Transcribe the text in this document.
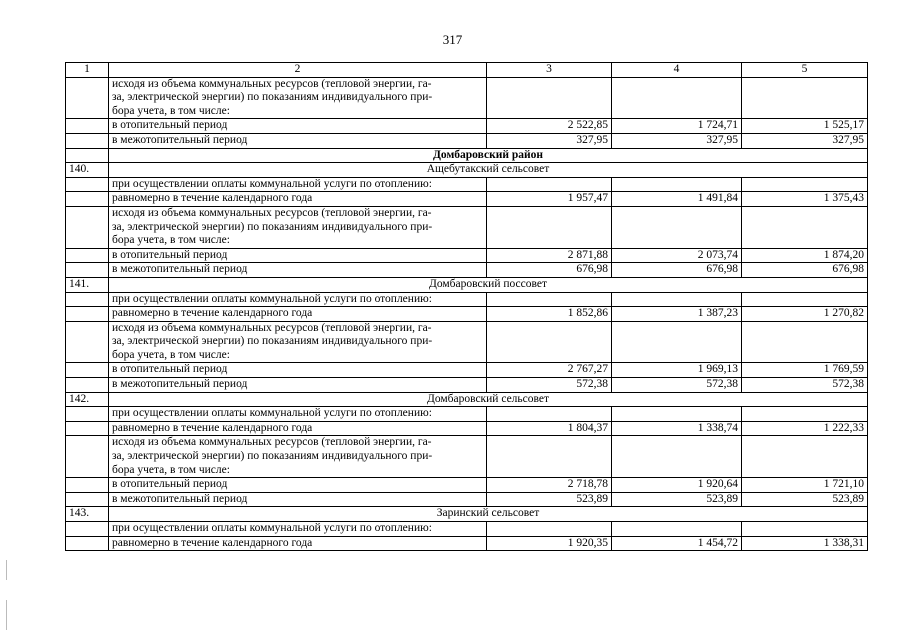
317
1	2	3	4	5

	исходя из объема коммунальных ресурсов (тепловой энергии, га-
за, электрической энергии) по показаниям индивидуального при-
бора учета, в том числе:			

	в отопительный период	2 522,85	1 724,71	1 525,17
	в межотопительный период	327,95	327,95	327,95
	Домбаровский район			
140.	Ащебутакский сельсовет			
	при осуществлении оплаты коммунальной услуги по отоплению:			
	равномерно в течение календарного года	1 957,47	1 491,84	1 375,43

	исходя из объема коммунальных ресурсов (тепловой энергии, га-
за, электрической энергии) по показаниям индивидуального при-
бора учета, в том числе:			

	в отопительный период	2 871,88	2 073,74	1 874,20
	в межотопительный период	676,98	676,98	676,98
141.	Домбаровский поссовет			
	при осуществлении оплаты коммунальной услуги по отоплению:			
	равномерно в течение календарного года	1 852,86	1 387,23	1 270,82

	исходя из объема коммунальных ресурсов (тепловой энергии, га-
за, электрической энергии) по показаниям индивидуального при-
бора учета, в том числе:			

	в отопительный период	2 767,27	1 969,13	1 769,59
	в межотопительный период	572,38	572,38	572,38
142.	Домбаровский сельсовет			
	при осуществлении оплаты коммунальной услуги по отоплению:			
	равномерно в течение календарного года	1 804,37	1 338,74	1 222,33

	исходя из объема коммунальных ресурсов (тепловой энергии, га-
за, электрической энергии) по показаниям индивидуального при-
бора учета, в том числе:			

	в отопительный период	2 718,78	1 920,64	1 721,10
	в межотопительный период	523,89	523,89	523,89
143.	Заринский сельсовет			
	при осуществлении оплаты коммунальной услуги по отоплению:			
	равномерно в течение календарного года	1 920,35	1 454,72	1 338,31
